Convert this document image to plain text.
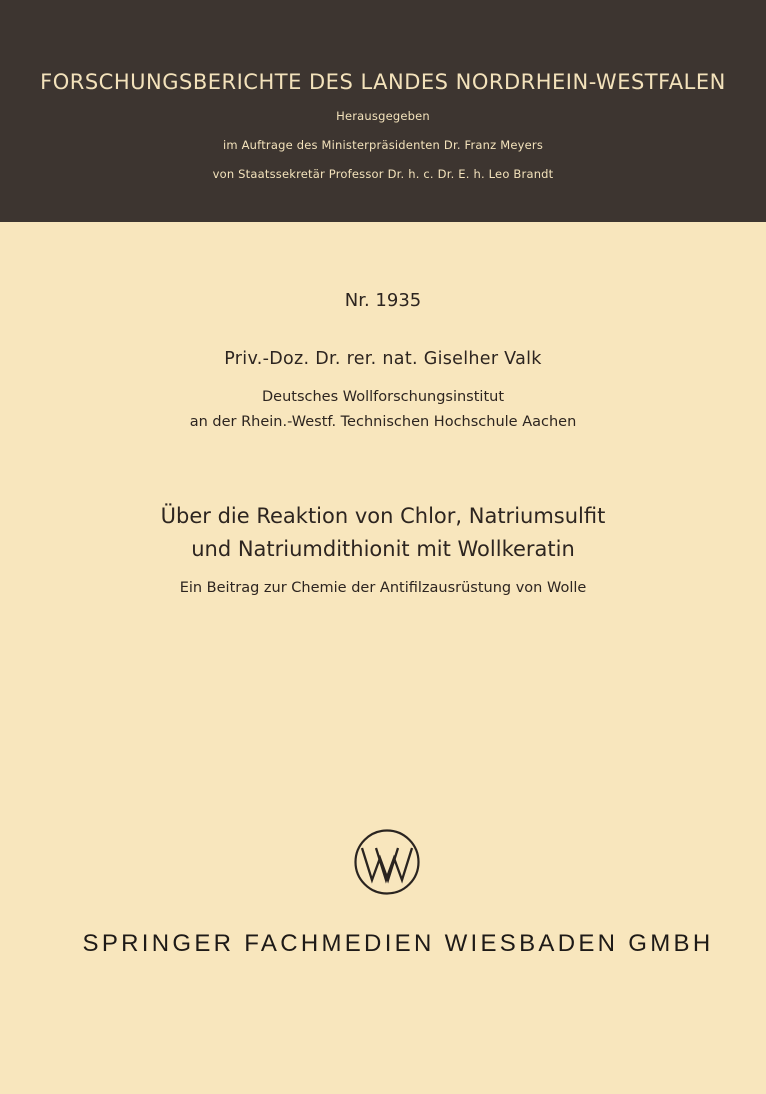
FORSCHUNGSBERICHTE DES LANDES NORDRHEIN-WESTFALEN
Herausgegeben
im Auftrage des Ministerpräsidenten Dr. Franz Meyers
von Staatssekretär Professor Dr. h. c. Dr. E. h. Leo Brandt
Nr. 1935
Priv.-Doz. Dr. rer. nat. Giselher Valk
Deutsches Wollforschungsinstitut
an der Rhein.-Westf. Technischen Hochschule Aachen
Über die Reaktion von Chlor, Natriumsulfit
und Natriumdithionit mit Wollkeratin
Ein Beitrag zur Chemie der Antifilzausrüstung von Wolle
SPRINGER FACHMEDIEN WIESBADEN GMBH
